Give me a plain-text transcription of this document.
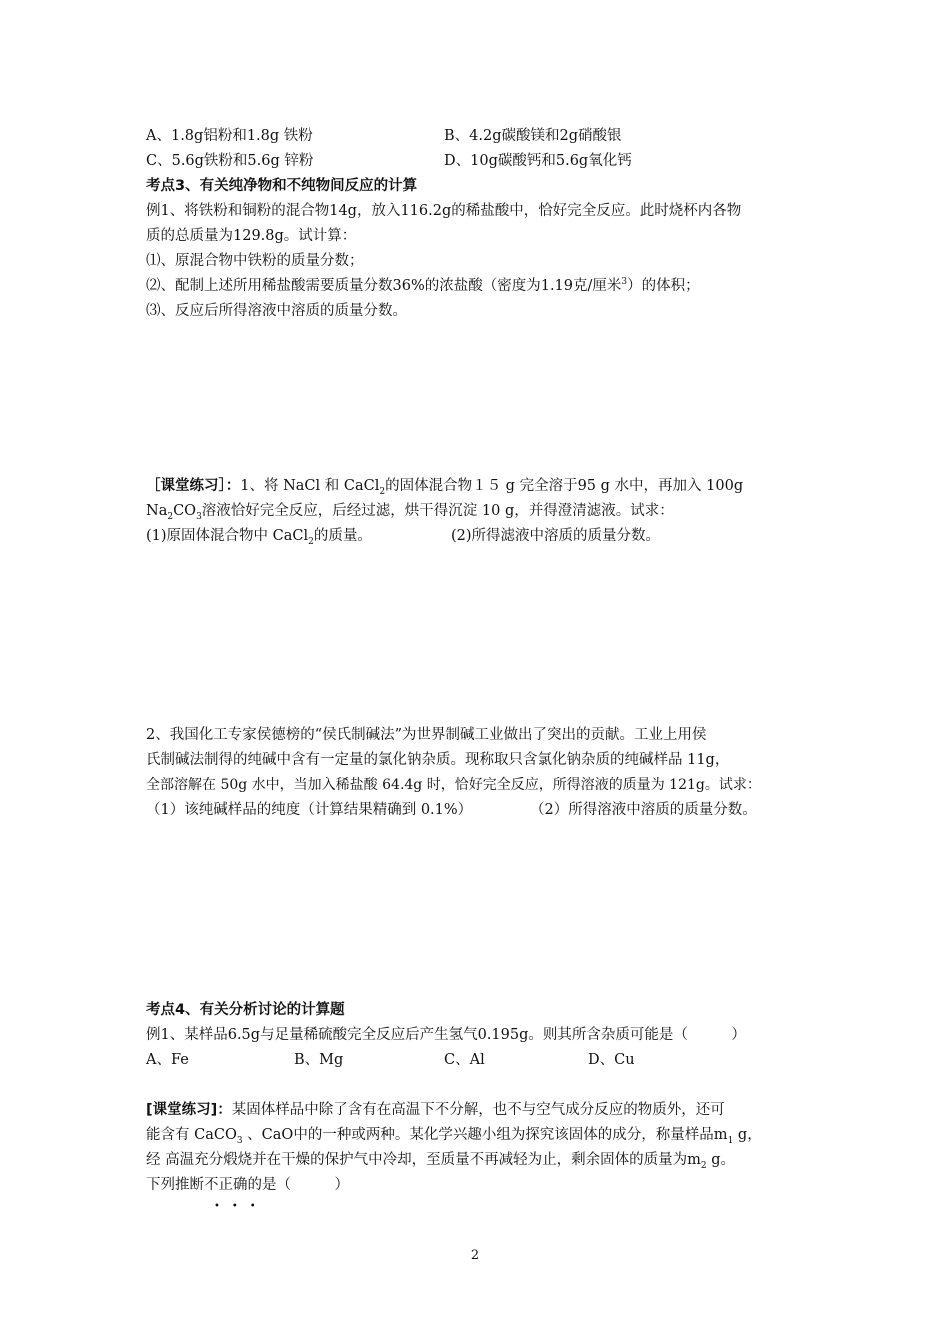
A、1.8g铝粉和1.8g 铁粉	B、4.2g碳酸镁和2g硝酸银
C、5.6g铁粉和5.6g 锌粉	D、10g碳酸钙和5.6g氧化钙
考点3、有关纯净物和不纯物间反应的计算
例1、将铁粉和铜粉的混合物14g，放入116.2g的稀盐酸中，恰好完全反应。此时烧杯内各物
质的总质量为129.8g。试计算：
⑴、原混合物中铁粉的质量分数；
⑵、配制上述所用稀盐酸需要质量分数36%的浓盐酸（密度为1.19克/厘米$^3$）的体积；
⑶、反应后所得溶液中溶质的质量分数。
［课堂练习］：1、将 NaCl 和 CaCl$_2$的固体混合物１５ g 完全溶于95 g 水中，再加入 100g
$Na_2CO_3$溶液恰好完全反应，后经过滤，烘干得沉淀 10 g，并得澄清滤液。试求：
(1)原固体混合物中 CaCl$_2$的质量。	(2)所得滤液中溶质的质量分数。
2、我国化工专家侯德榜的“侯氏制碱法”为世界制碱工业做出了突出的贡献。工业上用侯
氏制碱法制得的纯碱中含有一定量的氯化钠杂质。现称取只含氯化钠杂质的纯碱样品 11g，
全部溶解在 50g 水中，当加入稀盐酸 64.4g 时，恰好完全反应，所得溶液的质量为 121g。试求：
（1）该纯碱样品的纯度（计算结果精确到 0.1%）	（2）所得溶液中溶质的质量分数。
考点4、有关分析讨论的计算题
例1、某样品6.5g与足量稀硫酸完全反应后产生氢气0.195g。则其所含杂质可能是（　　　）
A、Fe	B、Mg	C、Al	D、Cu
[课堂练习]：某固体样品中除了含有在高温下不分解，也不与空气成分反应的物质外，还可
能含有 CaCO$_3$ 、CaO中的一种或两种。某化学兴趣小组为探究该固体的成分，称量样品$m_1$ g，
经 高温充分煅烧并在干燥的保护气中冷却，至质量不再减轻为止，剩余固体的质量为$m_2$ g。
下列推断不正确的是（　　　）
•••
2
